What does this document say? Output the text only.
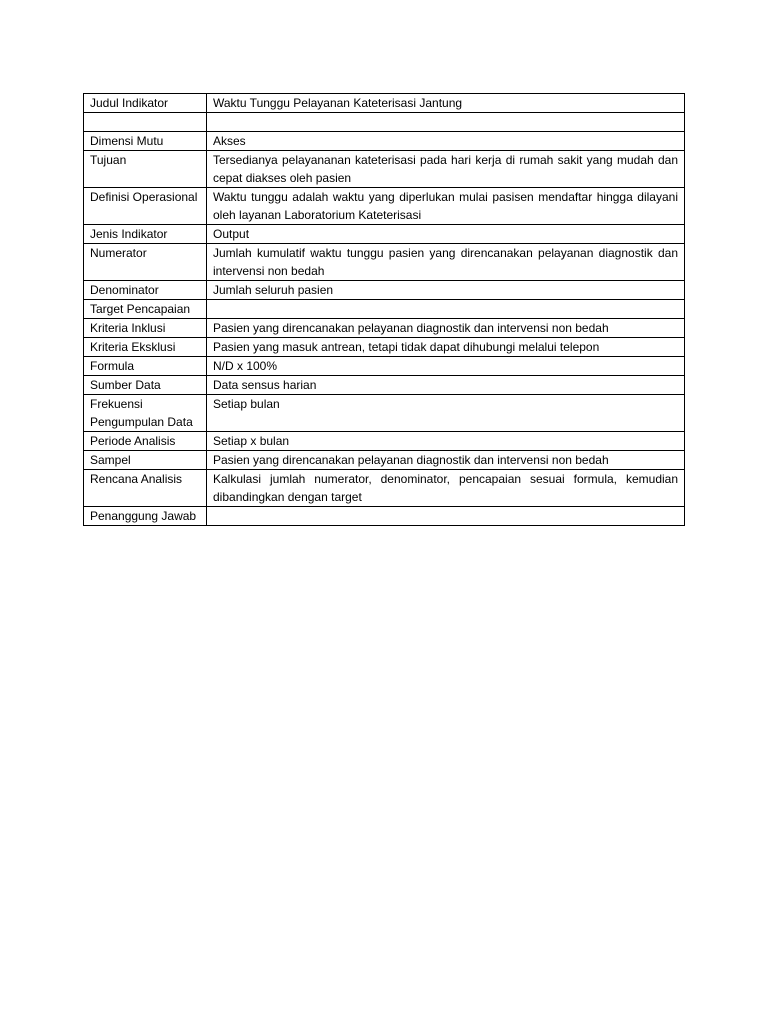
Judul Indikator	Waktu Tunggu Pelayanan Kateterisasi Jantung

Dimensi Mutu	Akses
Tujuan	Tersedianya pelayananan kateterisasi pada hari kerja di rumah sakit yang mudah dan cepat diakses oleh pasien
Definisi Operasional	Waktu tunggu adalah waktu yang diperlukan mulai pasisen mendaftar hingga dilayani oleh layanan Laboratorium Kateterisasi
Jenis Indikator	Output
Numerator	Jumlah kumulatif waktu tunggu pasien yang direncanakan pelayanan diagnostik dan intervensi non bedah
Denominator	Jumlah seluruh pasien
Target Pencapaian	
Kriteria Inklusi	Pasien yang direncanakan pelayanan diagnostik dan intervensi non bedah
Kriteria Eksklusi	Pasien yang masuk antrean, tetapi tidak dapat dihubungi melalui telepon
Formula	N/D x 100%
Sumber Data	Data sensus harian
Frekuensi Pengumpulan Data	Setiap bulan
Periode Analisis	Setiap x bulan
Sampel	Pasien yang direncanakan pelayanan diagnostik dan intervensi non bedah
Rencana Analisis	Kalkulasi jumlah numerator, denominator, pencapaian sesuai formula, kemudian dibandingkan dengan target
Penanggung Jawab	
